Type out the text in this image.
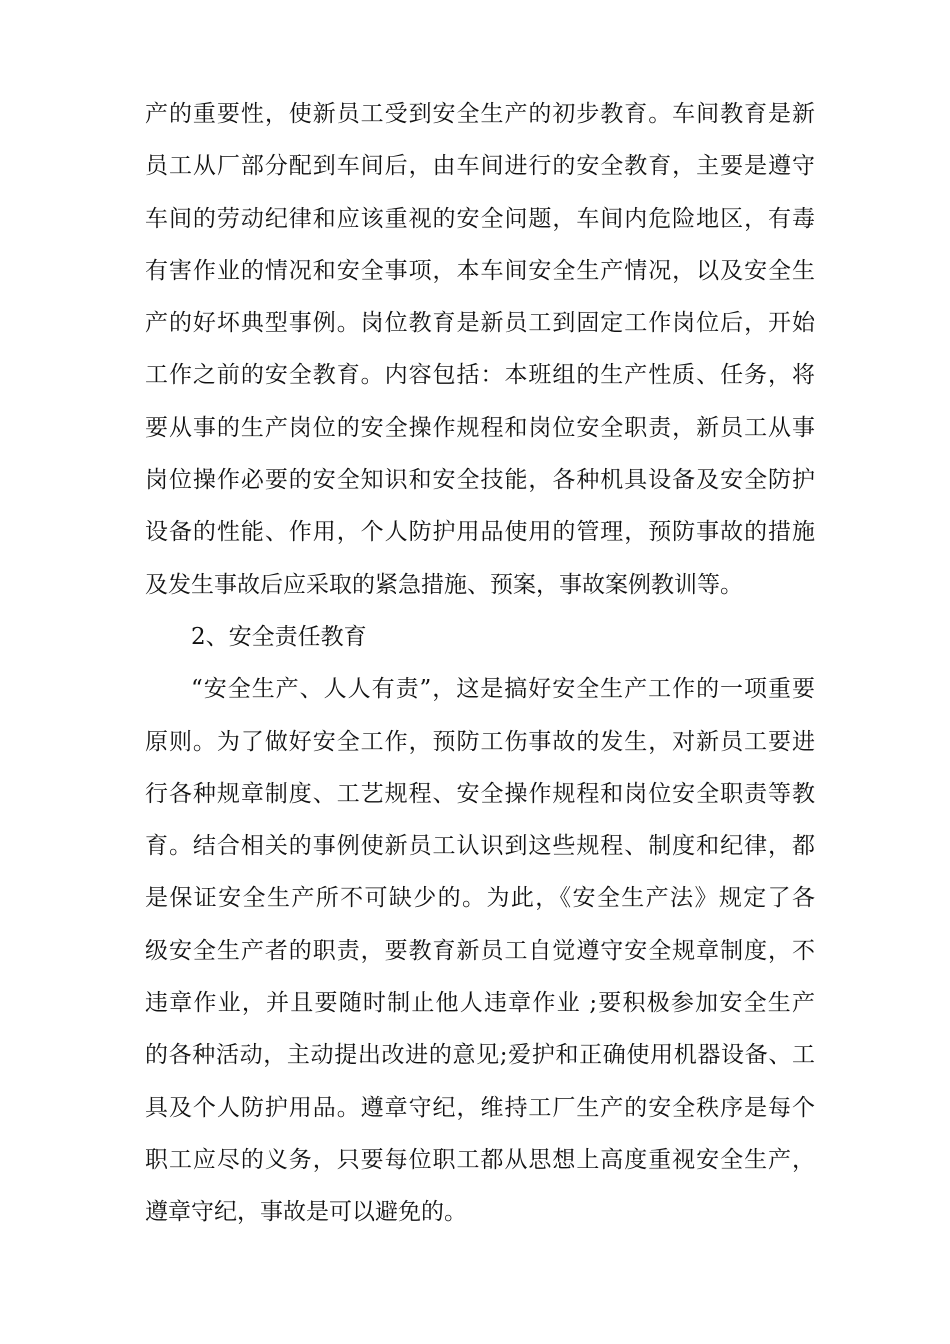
产的重要性，使新员工受到安全生产的初步教育。车间教育是新
员工从厂部分配到车间后，由车间进行的安全教育，主要是遵守
车间的劳动纪律和应该重视的安全问题，车间内危险地区，有毒
有害作业的情况和安全事项，本车间安全生产情况，以及安全生
产的好坏典型事例。岗位教育是新员工到固定工作岗位后，开始
工作之前的安全教育。内容包括：本班组的生产性质、任务，将
要从事的生产岗位的安全操作规程和岗位安全职责，新员工从事
岗位操作必要的安全知识和安全技能，各种机具设备及安全防护
设备的性能、作用，个人防护用品使用的管理，预防事故的措施
及发生事故后应采取的紧急措施、预案，事故案例教训等。
2、安全责任教育
“安全生产、人人有责”，这是搞好安全生产工作的一项重要
原则。为了做好安全工作，预防工伤事故的发生，对新员工要进
行各种规章制度、工艺规程、安全操作规程和岗位安全职责等教
育。结合相关的事例使新员工认识到这些规程、制度和纪律，都
是保证安全生产所不可缺少的。为此，《安全生产法》规定了各
级安全生产者的职责，要教育新员工自觉遵守安全规章制度，不
违章作业，并且要随时制止他人违章作业 ;要积极参加安全生产
的各种活动，主动提出改进的意见;爱护和正确使用机器设备、工
具及个人防护用品。遵章守纪，维持工厂生产的安全秩序是每个
职工应尽的义务，只要每位职工都从思想上高度重视安全生产，
遵章守纪，事故是可以避免的。
